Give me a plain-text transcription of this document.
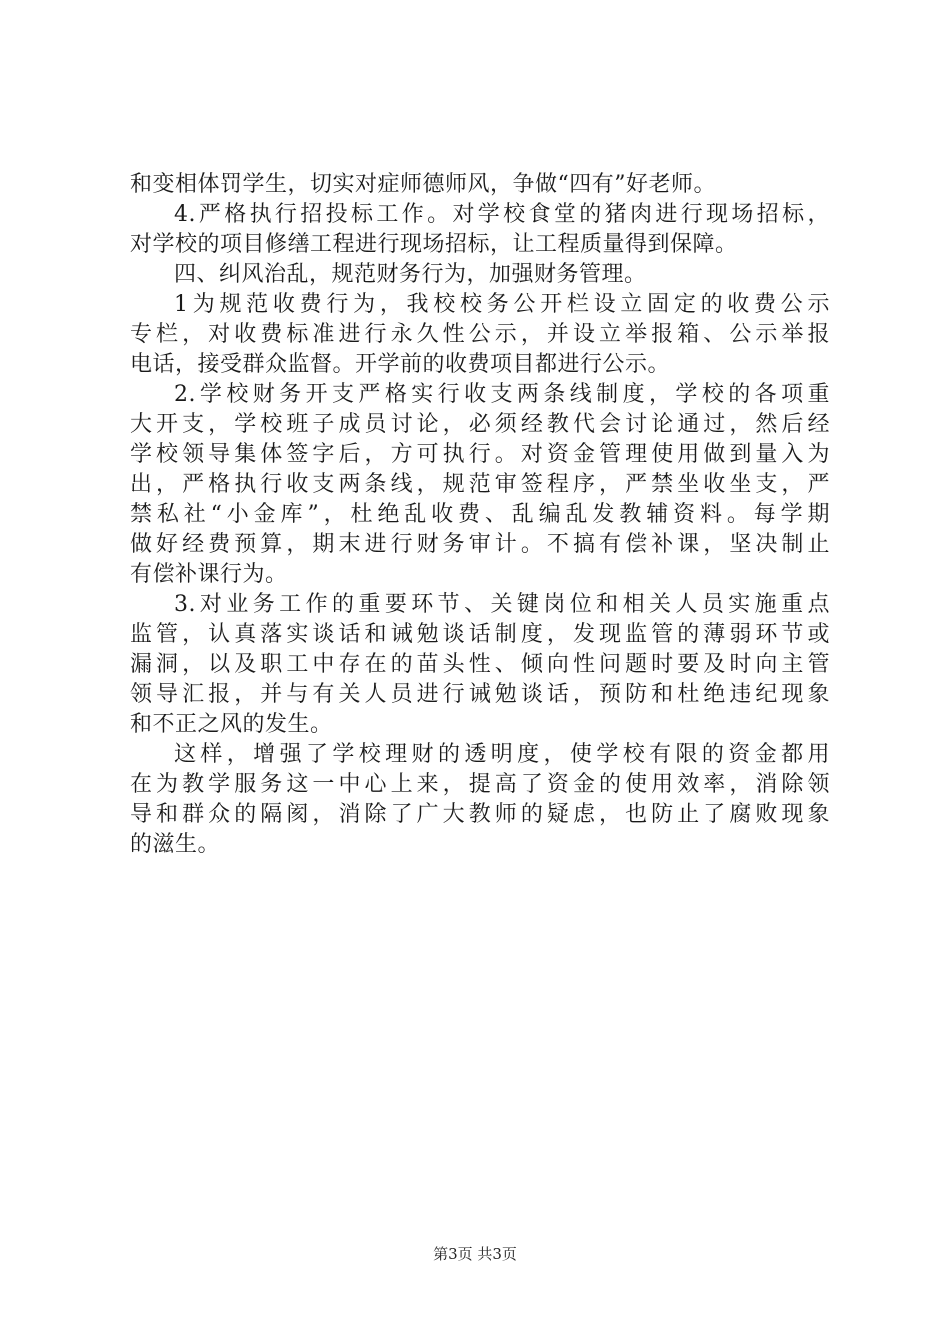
和变相体罚学生，切实对症师德师风，争做“四有”好老师。
4.严格执行招投标工作。对学校食堂的猪肉进行现场招标，
对学校的项目修缮工程进行现场招标，让工程质量得到保障。
四、纠风治乱，规范财务行为，加强财务管理。
1为规范收费行为，我校校务公开栏设立固定的收费公示
专栏，对收费标准进行永久性公示，并设立举报箱、公示举报
电话，接受群众监督。开学前的收费项目都进行公示。
2.学校财务开支严格实行收支两条线制度，学校的各项重
大开支，学校班子成员讨论，必须经教代会讨论通过，然后经
学校领导集体签字后，方可执行。对资金管理使用做到量入为
出，严格执行收支两条线，规范审签程序，严禁坐收坐支，严
禁私社“小金库”，杜绝乱收费、乱编乱发教辅资料。每学期
做好经费预算，期末进行财务审计。不搞有偿补课，坚决制止
有偿补课行为。
3.对业务工作的重要环节、关键岗位和相关人员实施重点
监管，认真落实谈话和诫勉谈话制度，发现监管的薄弱环节或
漏洞，以及职工中存在的苗头性、倾向性问题时要及时向主管
领导汇报，并与有关人员进行诫勉谈话，预防和杜绝违纪现象
和不正之风的发生。
这样，增强了学校理财的透明度，使学校有限的资金都用
在为教学服务这一中心上来，提高了资金的使用效率，消除领
导和群众的隔阂，消除了广大教师的疑虑，也防止了腐败现象
的滋生。
第3页 共3页
